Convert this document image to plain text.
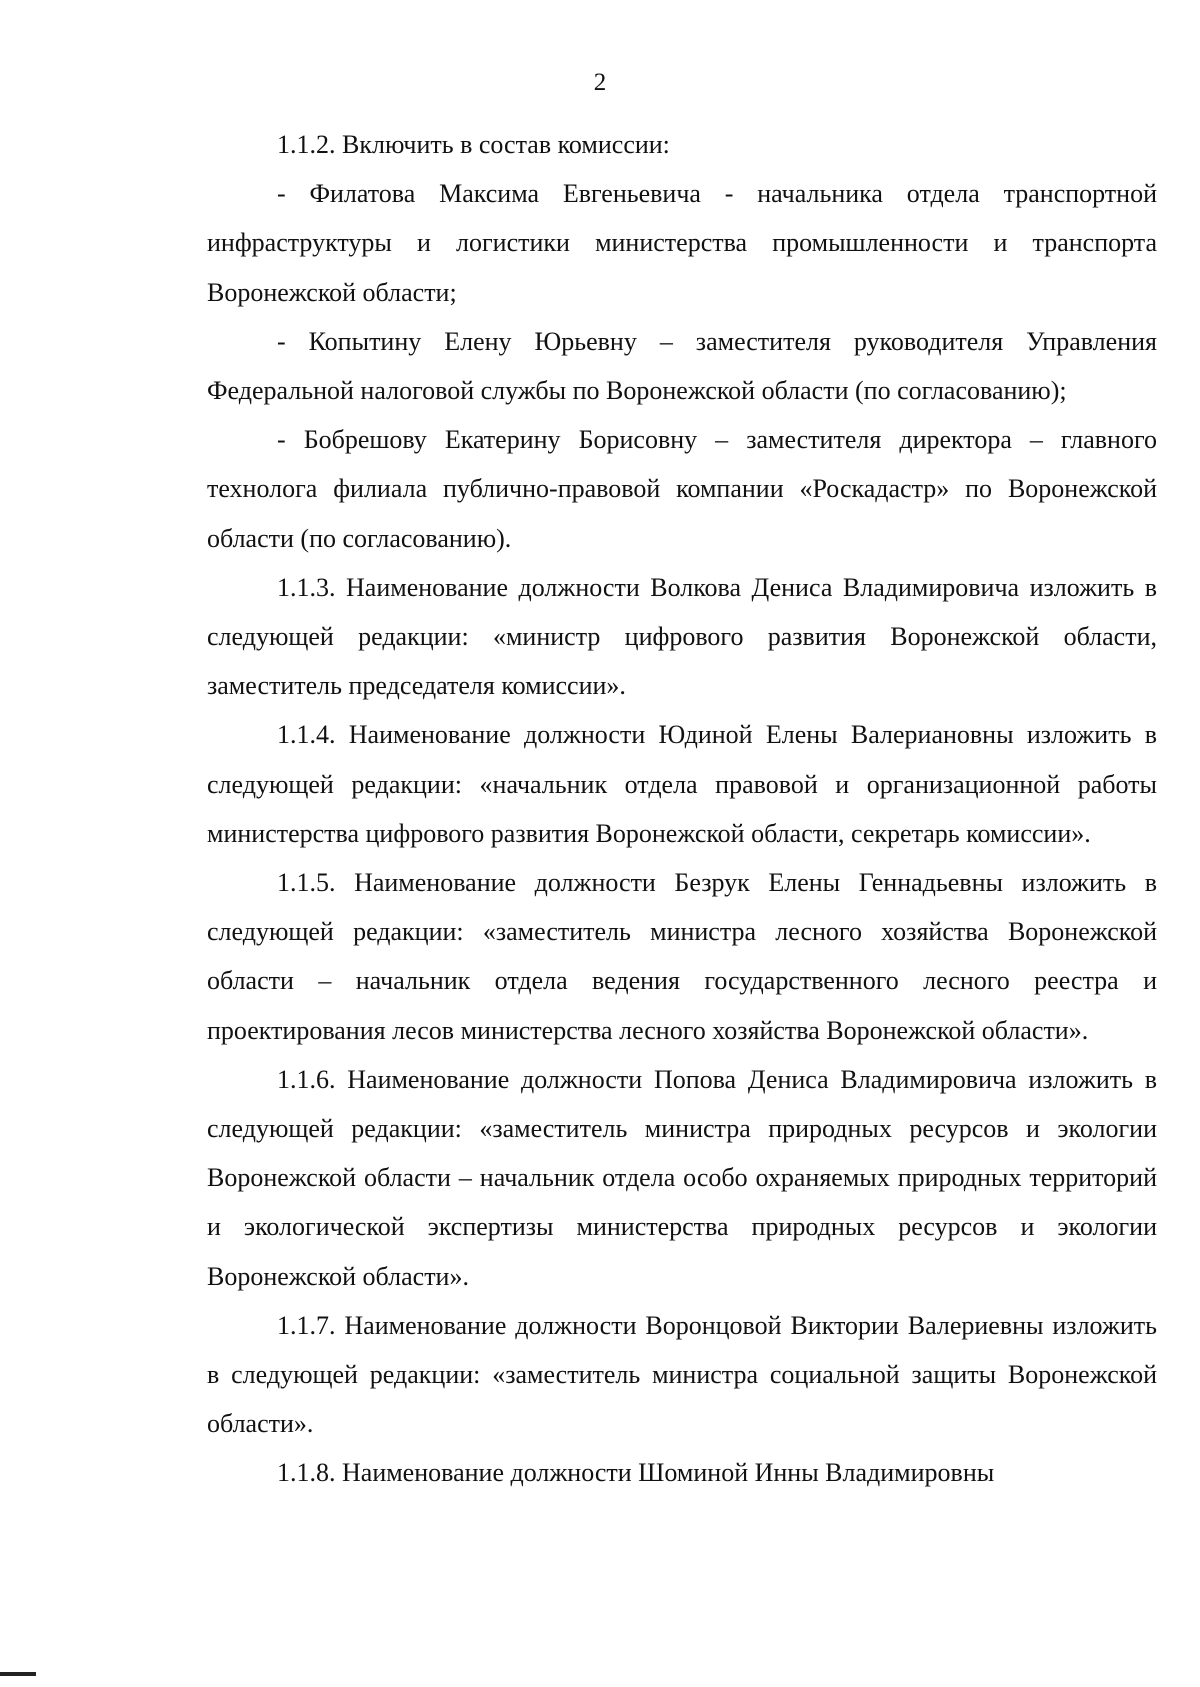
2

1.1.2. Включить в состав комиссии:

- Филатова Максима Евгеньевича - начальника отдела транспортной инфраструктуры и логистики министерства промышленности и транспорта Воронежской области;

- Копытину Елену Юрьевну – заместителя руководителя Управления Федеральной налоговой службы по Воронежской области (по согласованию);

- Бобрешову Екатерину Борисовну – заместителя директора – главного технолога филиала публично-правовой компании «Роскадастр» по Воронежской области (по согласованию).

1.1.3. Наименование должности Волкова Дениса Владимировича изложить в следующей редакции: «министр цифрового развития Воронежской области, заместитель председателя комиссии».

1.1.4. Наименование должности Юдиной Елены Валериановны изложить в следующей редакции: «начальник отдела правовой и организационной работы министерства цифрового развития Воронежской области, секретарь комиссии».

1.1.5. Наименование должности Безрук Елены Геннадьевны изложить в следующей редакции: «заместитель министра лесного хозяйства Воронежской области – начальник отдела ведения государственного лесного реестра и проектирования лесов министерства лесного хозяйства Воронежской области».

1.1.6. Наименование должности Попова Дениса Владимировича изложить в следующей редакции: «заместитель министра природных ресурсов и экологии Воронежской области – начальник отдела особо охраняемых природных территорий и экологической экспертизы министерства природных ресурсов и экологии Воронежской области».

1.1.7. Наименование должности Воронцовой Виктории Валериевны изложить в следующей редакции: «заместитель министра социальной защиты Воронежской области».

1.1.8. Наименование должности Шоминой Инны Владимировны
